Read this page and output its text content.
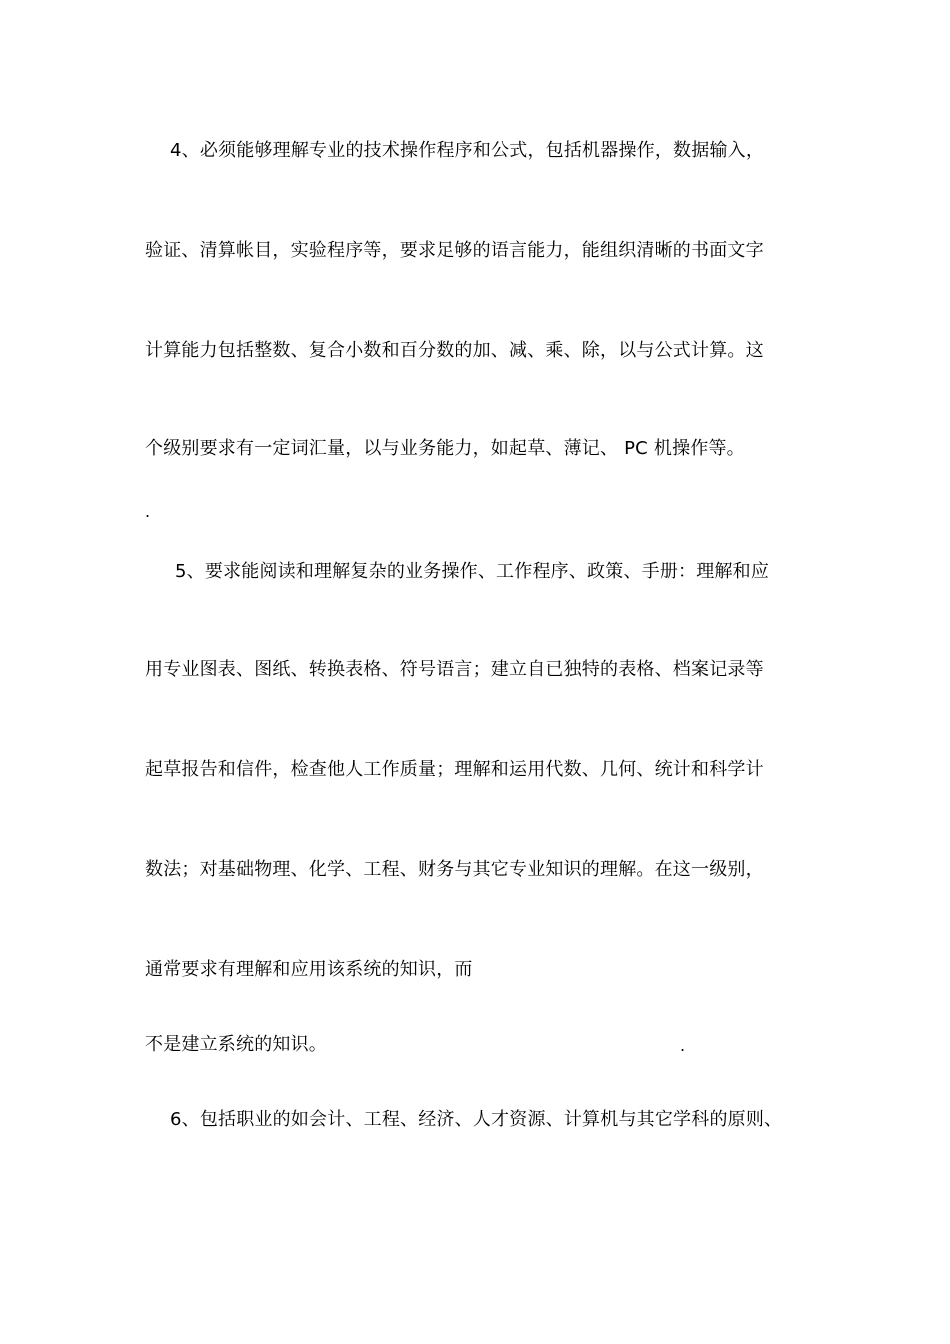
4、必须能够理解专业的技术操作程序和公式，包括机器操作，数据输入，
验证、清算帐目，实验程序等，要求足够的语言能力，能组织清晰的书面文字
计算能力包括整数、复合小数和百分数的加、减、乘、除，以与公式计算。这
个级别要求有一定词汇量，以与业务能力，如起草、薄记、 PC 机操作等。
.
5、要求能阅读和理解复杂的业务操作、工作程序、政策、手册：理解和应
用专业图表、图纸、转换表格、符号语言；建立自已独特的表格、档案记录等
起草报告和信件，检查他人工作质量；理解和运用代数、几何、统计和科学计
数法；对基础物理、化学、工程、财务与其它专业知识的理解。在这一级别，
通常要求有理解和应用该系统的知识，而
不是建立系统的知识。	.
6、包括职业的如会计、工程、经济、人才资源、计算机与其它学科的原则、
